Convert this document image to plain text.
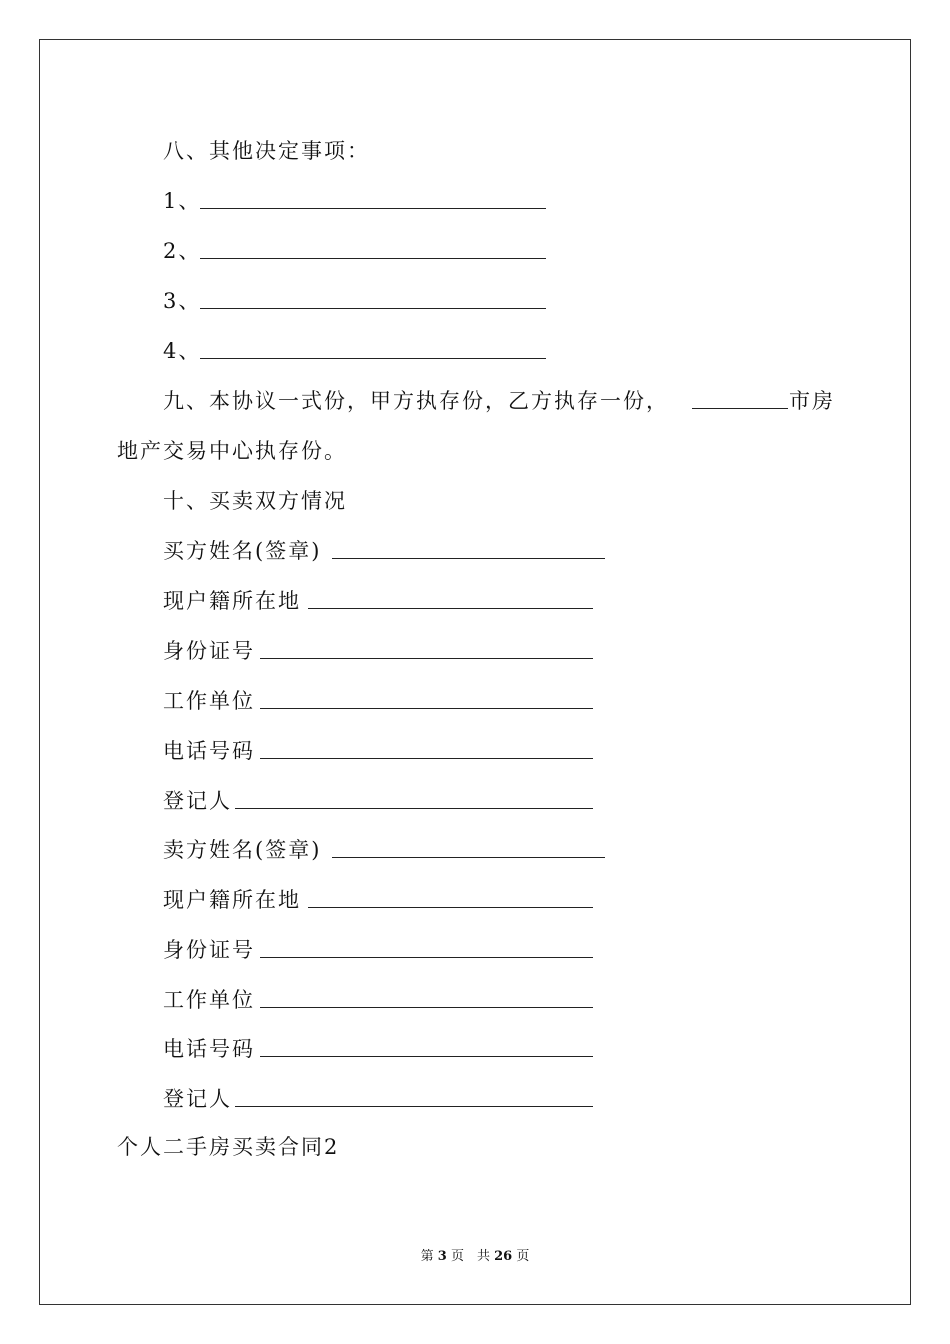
八、其他决定事项：
1、
2、
3、
4、
九、本协议一式份，甲方执存份，乙方执存一份，	市房
地产交易中心执存份。
十、买卖双方情况
买方姓名(签章)
现户籍所在地
身份证号
工作单位
电话号码
登记人
卖方姓名(签章)
现户籍所在地
身份证号
工作单位
电话号码
登记人
个人二手房买卖合同2
第 3 页　共 26 页
